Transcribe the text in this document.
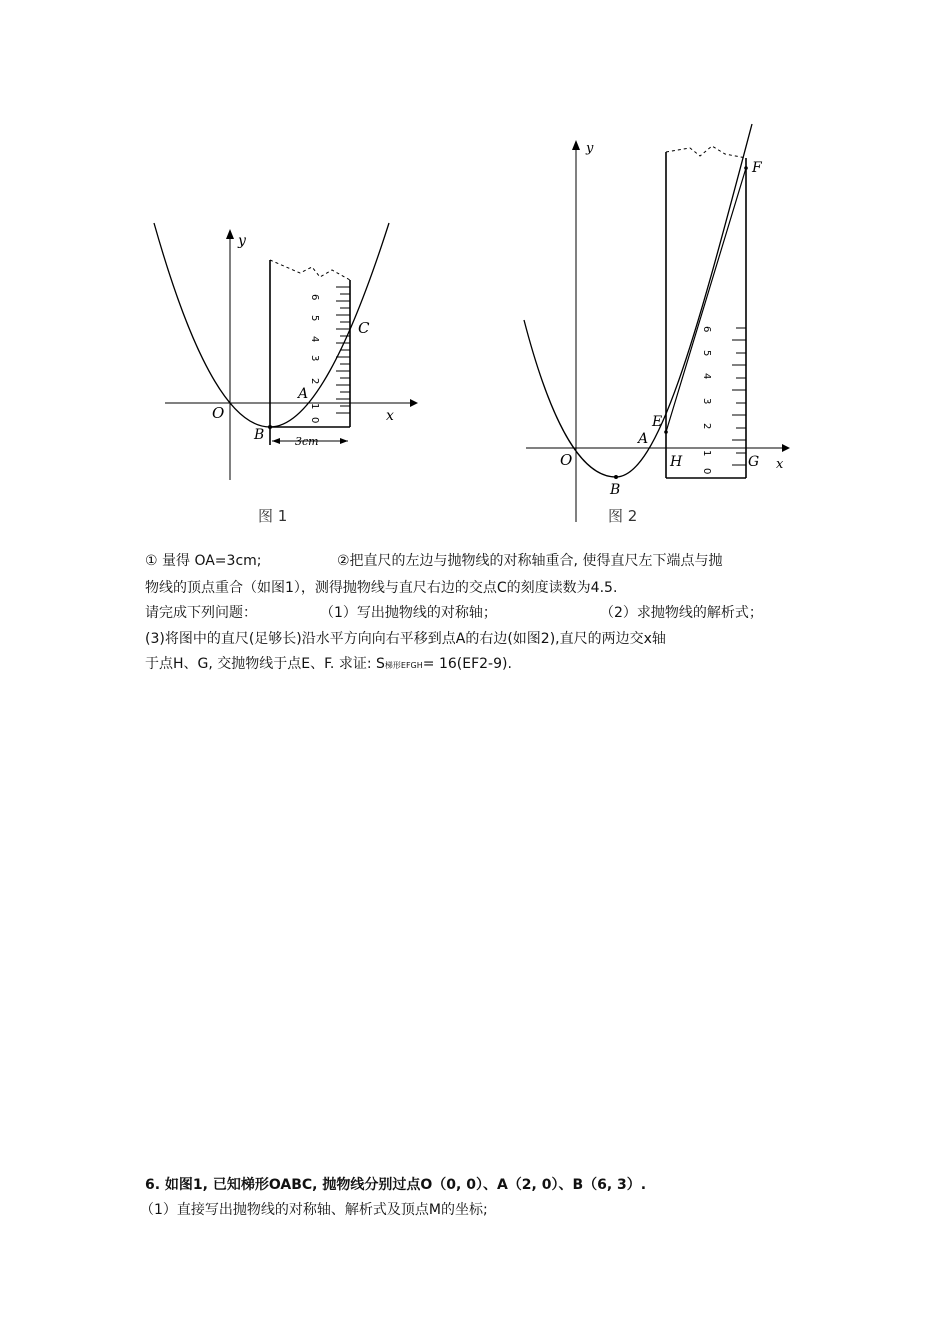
0
1
2
3
4
5
6
3cm
y
x
O
A
B
C
图 1
0
1
2
3
4
5
6
y
x
O
A
B
E
F
H	G
图 2
① 量得 OA=3cm;	②把直尺的左边与抛物线的对称轴重合, 使得直尺左下端点与抛
物线的顶点重合（如图1），测得抛物线与直尺右边的交点C的刻度读数为4.5.
请完成下列问题：	（1）写出抛物线的对称轴；	（2）求抛物线的解析式；
(3)将图中的直尺(足够长)沿水平方向向右平移到点A的右边(如图2),直尺的两边交x轴
于点H、G, 交抛物线于点E、F. 求证: S梯形EFGH= 16(EF2-9).
6. 如图1, 已知梯形OABC, 抛物线分别过点O（0, 0）、A（2, 0）、B（6, 3）.
（1）直接写出抛物线的对称轴、解析式及顶点M的坐标;
